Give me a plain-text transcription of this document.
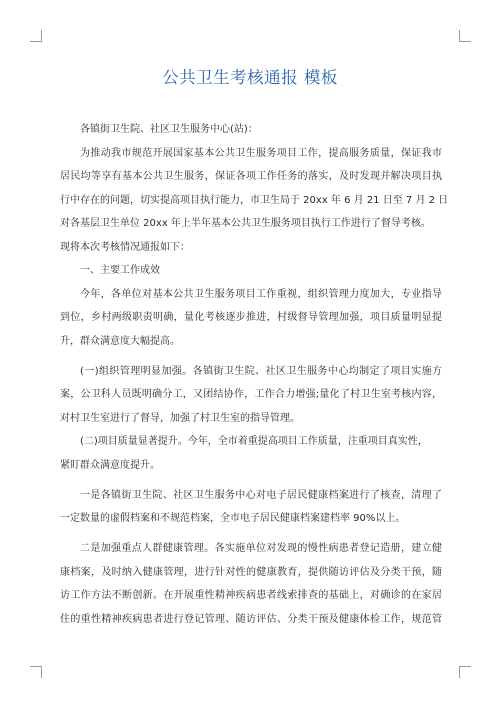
公共卫生考核通报 模板
各镇街卫生院、社区卫生服务中心(站)：
为推动我市规范开展国家基本公共卫生服务项目工作，提高服务质量，保证我市
居民均等享有基本公共卫生服务，保证各项工作任务的落实，及时发现并解决项目执
行中存在的问题，切实提高项目执行能力，市卫生局于 20xx 年 6 月 21 日至 7 月 2 日
对各基层卫生单位 20xx 年上半年基本公共卫生服务项目执行工作进行了督导考核。
现将本次考核情况通报如下：
一、主要工作成效
今年，各单位对基本公共卫生服务项目工作重视，组织管理力度加大，专业指导
到位，乡村两级职责明确，量化考核逐步推进，村级督导管理加强，项目质量明显提
升，群众满意度大幅提高。
(一)组织管理明显加强。各镇街卫生院、社区卫生服务中心均制定了项目实施方
案，公卫科人员既明确分工，又团结协作，工作合力增强;量化了村卫生室考核内容，
对村卫生室进行了督导，加强了村卫生室的指导管理。
(二)项目质量显著提升。今年，全市着重提高项目工作质量，注重项目真实性，
紧盯群众满意度提升。
一是各镇街卫生院、社区卫生服务中心对电子居民健康档案进行了核查，清理了
一定数量的虚假档案和不规范档案，全市电子居民健康档案建档率 90%以上。
二是加强重点人群健康管理。各实施单位对发现的慢性病患者登记造册，建立健
康档案，及时纳入健康管理，进行针对性的健康教育，提供随访评估及分类干预，随
访工作方法不断创新。在开展重性精神疾病患者线索排查的基础上，对确诊的在家居
住的重性精神疾病患者进行登记管理、随访评估、分类干预及健康体检工作，规范管
